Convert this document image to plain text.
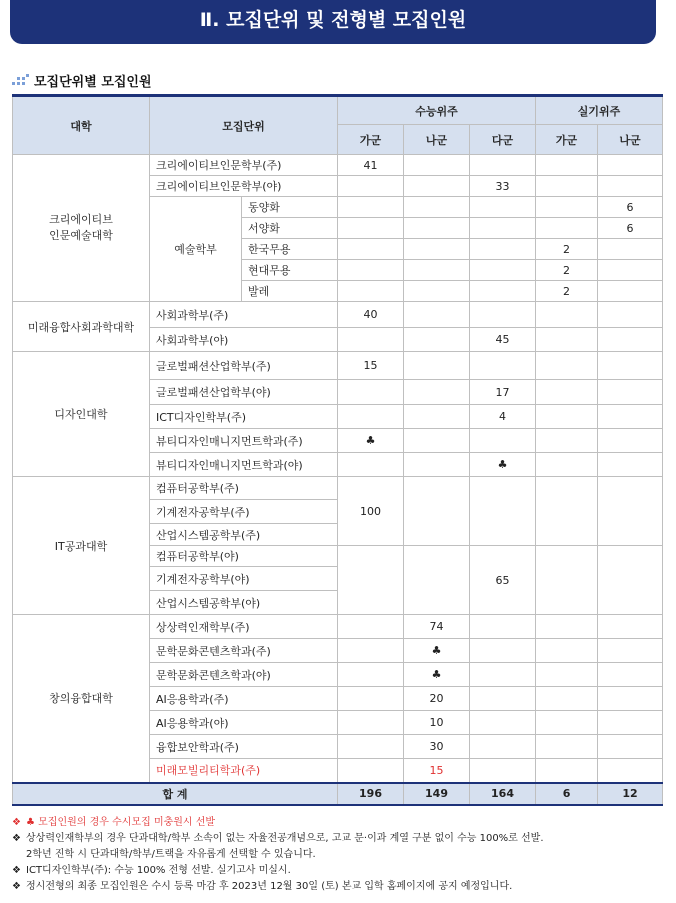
Ⅱ. 모집단위 및 전형별 모집인원
모집단위별 모집인원
대학	모집단위		수능위주			실기위주	
			가군	나군	다군	가군	나군
크리에이티브
인문예술대학	크리에이티브인문학부(주)		41				
	크리에이티브인문학부(야)				33		
	예술학부	동양화					6
		서양화					6
		한국무용				2	
		현대무용				2	
		발레				2	
미래융합사회과학대학	사회과학부(주)		40				
	사회과학부(야)				45		
디자인대학	글로벌패션산업학부(주)		15				
	글로벌패션산업학부(야)				17		
	ICT디자인학부(주)				4		
	뷰티디자인매니지먼트학과(주)		♣				
	뷰티디자인매니지먼트학과(야)				♣		
IT공과대학	컴퓨터공학부(주)		100				
	기계전자공학부(주)						
	산업시스템공학부(주)						
	컴퓨터공학부(야)				65		
	기계전자공학부(야)						
	산업시스템공학부(야)						
창의융합대학	상상력인재학부(주)			74			
	문학문화콘텐츠학과(주)			♣			
	문학문화콘텐츠학과(야)			♣			
	AI응용학과(주)			20			
	AI응용학과(야)			10			
	융합보안학과(주)			30			
	미래모빌리티학과(주)			15			
합 계			196	149	164	6	12
❖ ♣ 모집인원의 경우 수시모집 미충원시 선발
❖ 상상력인재학부의 경우 단과대학/학부 소속이 없는 자율전공개념으로, 고교 문·이과 계열 구분 없이 수능 100%로 선발.
2학년 진학 시 단과대학/학부/트랙을 자유롭게 선택할 수 있습니다.
❖ ICT디자인학부(주): 수능 100% 전형 선발. 실기고사 미실시.
❖ 정시전형의 최종 모집인원은 수시 등록 마감 후 2023년 12월 30일 (토) 본교 입학 홈페이지에 공지 예정입니다.
